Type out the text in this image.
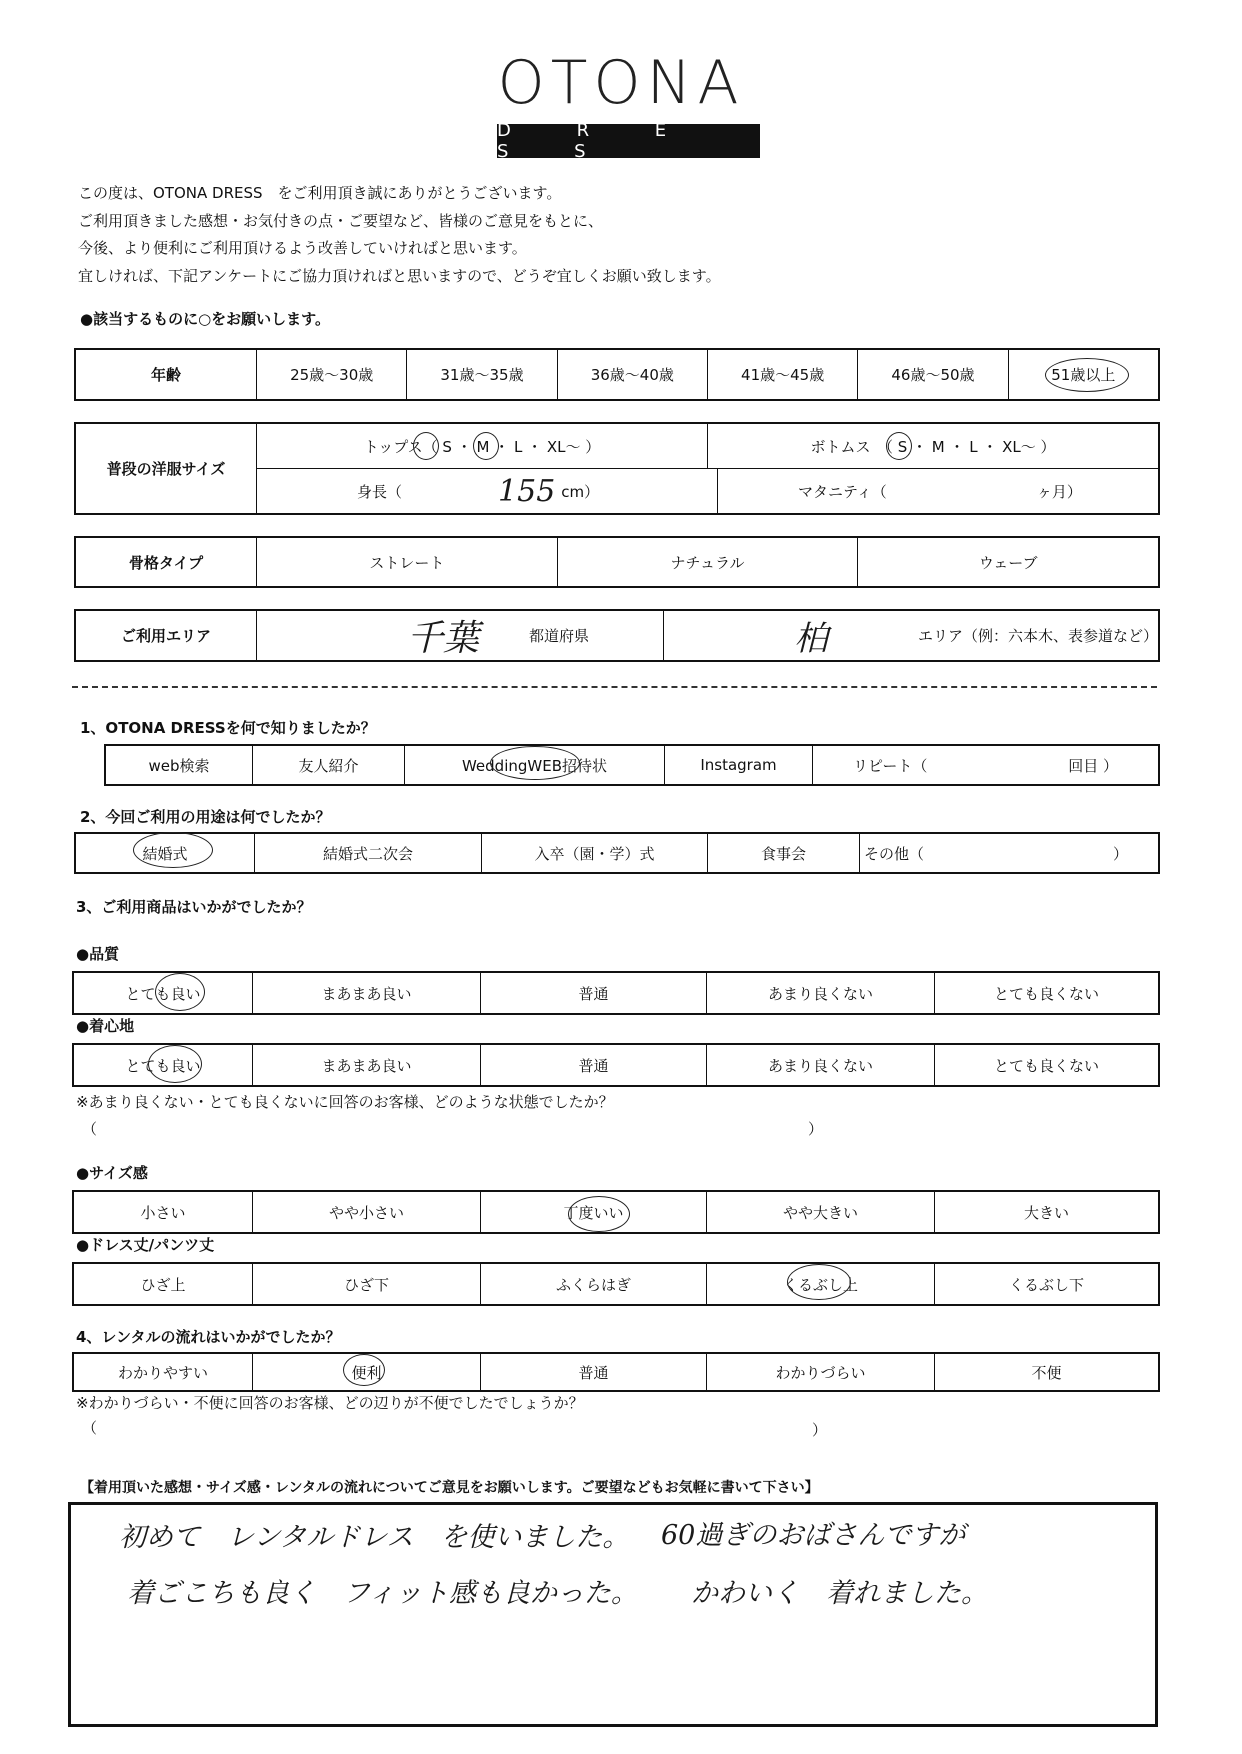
OTONA
D R E S S
この度は、OTONA DRESS　をご利用頂き誠にありがとうございます。
ご利用頂きました感想・お気付きの点・ご要望など、皆様のご意見をもとに、
今後、より便利にご利用頂けるよう改善していければと思います。
宜しければ、下記アンケートにご協力頂ければと思いますので、どうぞ宜しくお願い致します。
●該当するものに○をお願いします。
年齢	25歳〜30歳	31歳〜35歳	36歳〜40歳	41歳〜45歳	46歳〜50歳	51歳以上
普段の洋服サイズ
トップス（ S ・ M ・ L ・ XL〜 ）	ボトムス　（ S ・ M ・ L ・ XL〜 ）
身長（	155 cm）	マタニティ（	ヶ月）
骨格タイプ	ストレート	ナチュラル	ウェーブ
ご利用エリア	千葉	都道府県	柏	エリア（例：六本木、表参道など）
1、OTONA DRESSを何で知りましたか？
web検索	友人紹介	WeddingWEB招待状	Instagram	リピート（	回目 ）
2、今回ご利用の用途は何でしたか？
結婚式	結婚式二次会	入卒（園・学）式	食事会	その他（	）
3、ご利用商品はいかがでしたか？
●品質
とても良い	まあまあ良い	普通	あまり良くない	とても良くない
●着心地
とても良い	まあまあ良い	普通	あまり良くない	とても良くない
※あまり良くない・とても良くないに回答のお客様、どのような状態でしたか？
（	）
●サイズ感
小さい	やや小さい	丁度いい	やや大きい	大きい
●ドレス丈/パンツ丈
ひざ上	ひざ下	ふくらはぎ	くるぶし上	くるぶし下
4、レンタルの流れはいかがでしたか？
わかりやすい	便利	普通	わかりづらい	不便
※わかりづらい・不便に回答のお客様、どの辺りが不便でしたでしょうか？
（	）
【着用頂いた感想・サイズ感・レンタルの流れについてご意見をお願いします。ご要望などもお気軽に書いて下さい】
初めて　レンタルドレス　を使いました。 60過ぎのおばさんですが
着ごこちも良く　フィット感も良かった。 かわいく　着れました。
